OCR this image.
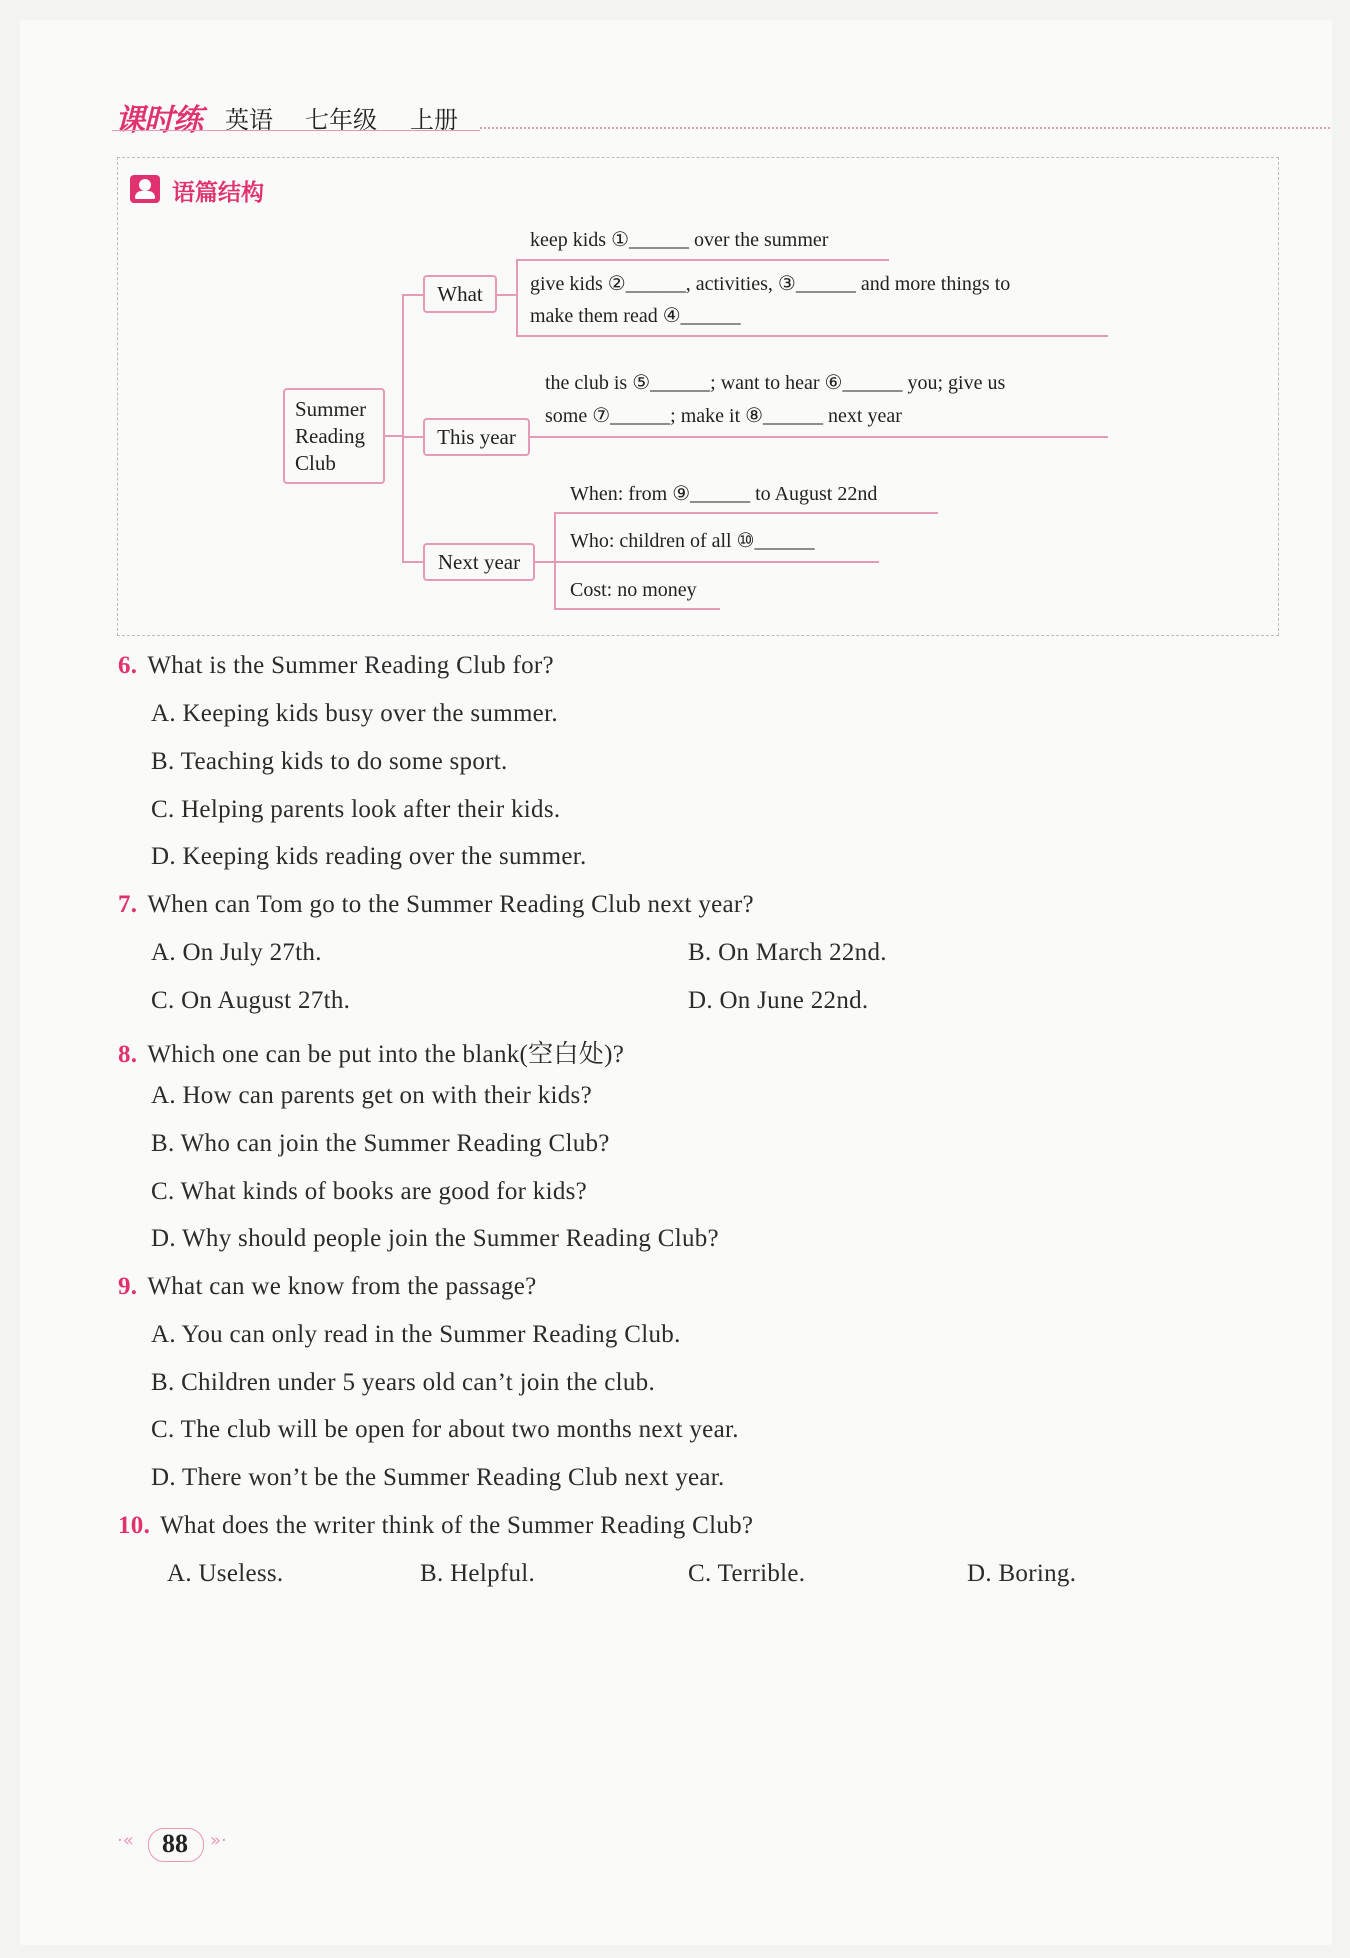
课时练 英语 七年级 上册
语篇结构
Summer Reading Club
What
This year
Next year
keep kids ①______ over the summer
give kids ②______, activities, ③______ and more things to
make them read ④______
the club is ⑤______; want to hear ⑥______ you; give us
some ⑦______; make it ⑧______ next year
When: from ⑨______ to August 22nd
Who: children of all ⑩______
Cost: no money
6. What is the Summer Reading Club for?
A. Keeping kids busy over the summer.
B. Teaching kids to do some sport.
C. Helping parents look after their kids.
D. Keeping kids reading over the summer.
7. When can Tom go to the Summer Reading Club next year?
A. On July 27th.	B. On March 22nd.
C. On August 27th.	D. On June 22nd.
8. Which one can be put into the blank(空白处)?
A. How can parents get on with their kids?
B. Who can join the Summer Reading Club?
C. What kinds of books are good for kids?
D. Why should people join the Summer Reading Club?
9. What can we know from the passage?
A. You can only read in the Summer Reading Club.
B. Children under 5 years old can’t join the club.
C. The club will be open for about two months next year.
D. There won’t be the Summer Reading Club next year.
10. What does the writer think of the Summer Reading Club?
A. Useless.	B. Helpful.	C. Terrible.	D. Boring.
·«	88	»·
